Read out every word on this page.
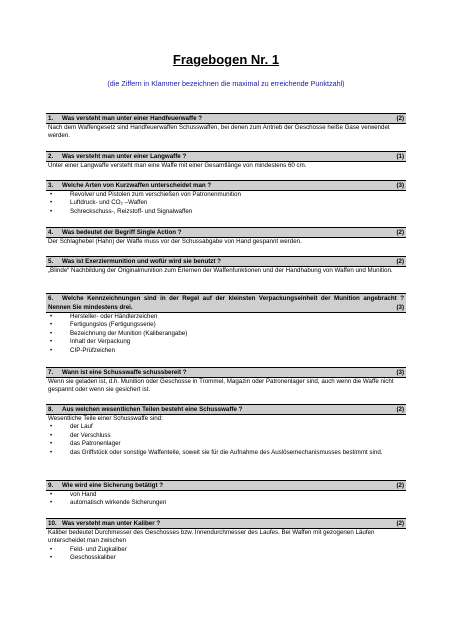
Fragebogen Nr. 1
(die Ziffern in Klammer bezeichnen die maximal zu erreichende Punktzahl)
1. Was versteht man unter einer Handfeuerwaffe ?	(2)
Nach dem Waffengesetz sind Handfeuerwaffen Schusswaffen, bei denen zum Antrieb der Geschosse heiße Gase verwendet werden.
2. Was versteht man unter einer Langwaffe ?	(1)
Unter einer Langwaffe versteht man eine Waffe mit einer Gesamtlänge von mindestens 60 cm.
3. Welche Arten von Kurzwaffen unterscheidet man ?	(3)
• Revolver und Pistolen zum verschießen von Patronenmunition
• Luftdruck- und CO₂ –Waffen
• Schreckschuss-, Reizstoff- und Signalwaffen
4. Was bedeutet der Begriff Single Action ?	(2)
Der Schlaghebel (Hahn) der Waffe muss vor der Schussabgabe von Hand gespannt werden.
5. Was ist Exerziermunition und wofür wird sie benutzt ?	(2)
„Blinde“ Nachbildung der Originalmunition zum Erlernen der Waffenfunktionen und der Handhabung von Waffen und Munition.
6. Welche Kennzeichnungen sind in der Regel auf der kleinsten Verpackungseinheit der Munition angebracht ? Nennen Sie mindestens drei.	(3)
• Hersteller- oder Händlerzeichen
• Fertigungslos (Fertigungsserie)
• Bezeichnung der Munition (Kaliberangabe)
• Inhalt der Verpackung
• CIP-Prüfzeichen
7. Wann ist eine Schusswaffe schussbereit ?	(3)
Wenn sie geladen ist, d.h. Munition oder Geschosse in Trommel, Magazin oder Patronenlager sind, auch wenn die Waffe nicht gespannt oder wenn sie gesichert ist.
8. Aus welchen wesentlichen Teilen besteht eine Schusswaffe ?	(2)
Wesentliche Teile einer Schusswaffe sind:
• der Lauf
• der Verschluss
• das Patronenlager
• das Griffstück oder sonstige Waffenteile, soweit sie für die Aufnahme des Auslösemechanismusses bestimmt sind.
9. Wie wird eine Sicherung betätigt ?	(2)
• von Hand
• automatisch wirkende Sicherungen
10. Was versteht man unter Kaliber ?	(2)
Kaliber bedeutet Durchmesser des Geschosses bzw. Innendurchmesser des Laufes. Bei Waffen mit gezogenen Läufen unterscheidet man zwischen
• Feld- und Zugkaliber
• Geschosskaliber
